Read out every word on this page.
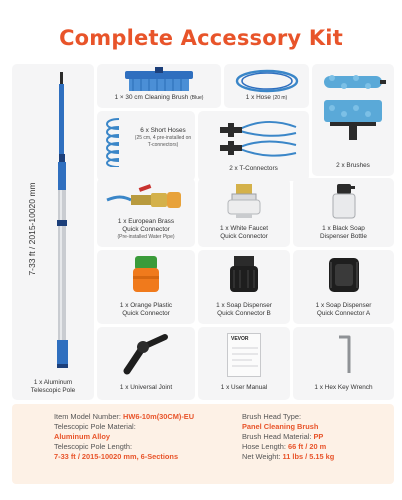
Complete Accessory Kit
7-33 ft / 2015-10020 mm
1 x Aluminum
Telescopic Pole
1 × 30 cm Cleaning Brush (Blue)	1 x Hose (20 m)
2 x Brushes
6 x Short Hoses
(25 cm, 4 pre-installed on T-connectors)
2 x T-Connectors
1 x European Brass
Quick Connector
(Pre-installed Water Pipe)
1 x White Faucet
Quick Connector
1 x Black Soap
Dispenser Bottle
1 x Orange Plastic
Quick Connector
1 x Soap Dispenser
Quick Connector B
1 x Soap Dispenser
Quick Connector A
1 x Universal Joint
VEVOR
1 x User Manual	1 x Hex Key Wrench
Item Model Number: HW6-10m(30CM)-EU
Telescopic Pole Material:
Aluminum Alloy
Telescopic Pole Length:
7-33 ft / 2015-10020 mm, 6-Sections
Brush Head Type:
Panel Cleaning Brush
Brush Head Material: PP
Hose Length: 66 ft / 20 m
Net Weight: 11 lbs / 5.15 kg
